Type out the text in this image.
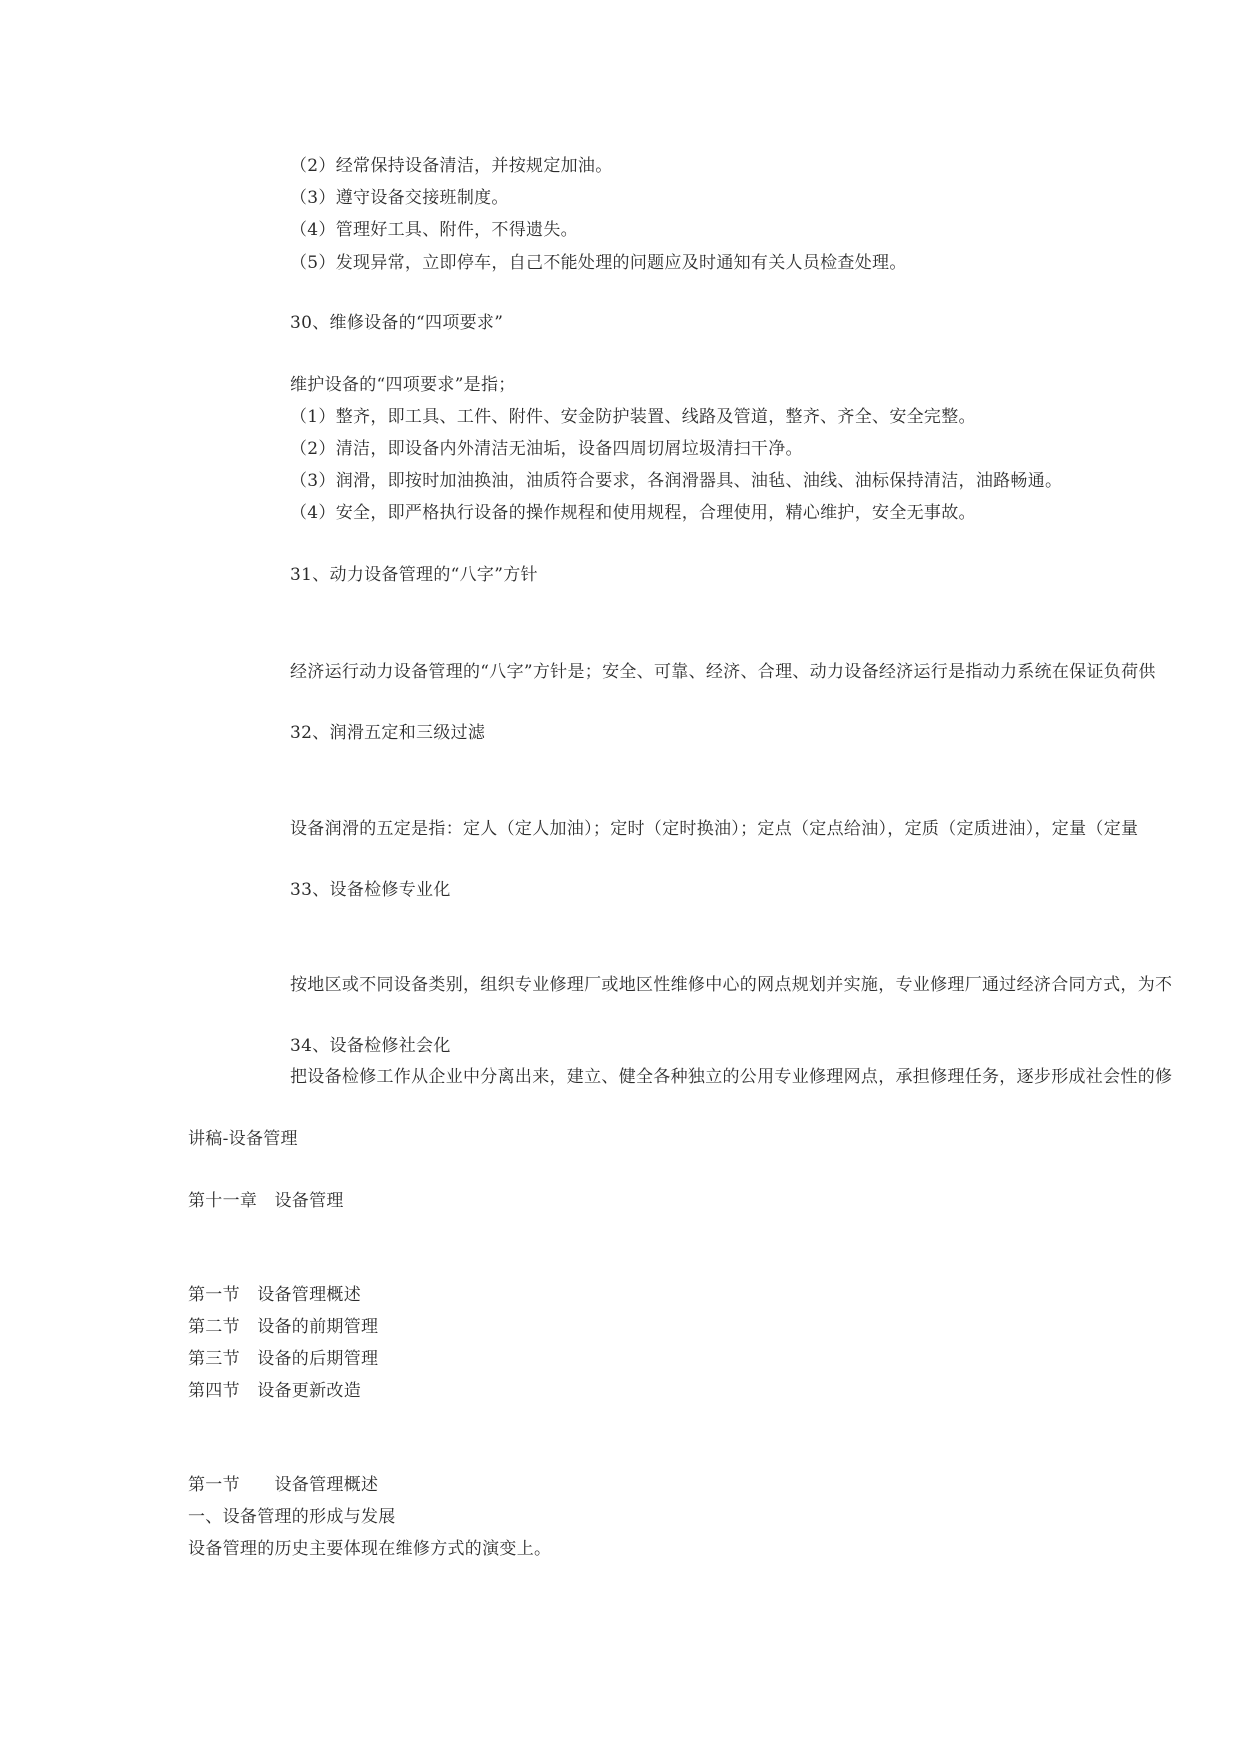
（2）经常保持设备清洁，并按规定加油。
（3）遵守设备交接班制度。
（4）管理好工具、附件，不得遗失。
（5）发现异常，立即停车，自己不能处理的问题应及时通知有关人员检查处理。
30、维修设备的“四项要求”
维护设备的“四项要求”是指；
（1）整齐，即工具、工件、附件、安金防护装置、线路及管道，整齐、齐全、安全完整。
（2）清洁，即设备内外清洁无油垢，设备四周切屑垃圾清扫干净。
（3）润滑，即按时加油换油，油质符合要求，各润滑器具、油毡、油线、油标保持清洁，油路畅通。
（4）安全，即严格执行设备的操作规程和使用规程，合理使用，精心维护，安全无事故。
31、动力设备管理的“八字”方针
经济运行动力设备管理的“八字”方针是；安全、可靠、经济、合理、动力设备经济运行是指动力系统在保证负荷供
32、润滑五定和三级过滤
设备润滑的五定是指：定人（定人加油）；定时（定时换油）；定点（定点给油），定质（定质进油），定量（定量
33、设备检修专业化
按地区或不同设备类别，组织专业修理厂或地区性维修中心的网点规划并实施，专业修理厂通过经济合同方式，为不
34、设备检修社会化
把设备检修工作从企业中分离出来，建立、健全各种独立的公用专业修理网点，承担修理任务，逐步形成社会性的修
讲稿-设备管理
第十一章　设备管理
第一节　设备管理概述
第二节　设备的前期管理
第三节　设备的后期管理
第四节　设备更新改造
第一节　　设备管理概述
一、设备管理的形成与发展
设备管理的历史主要体现在维修方式的演变上。
